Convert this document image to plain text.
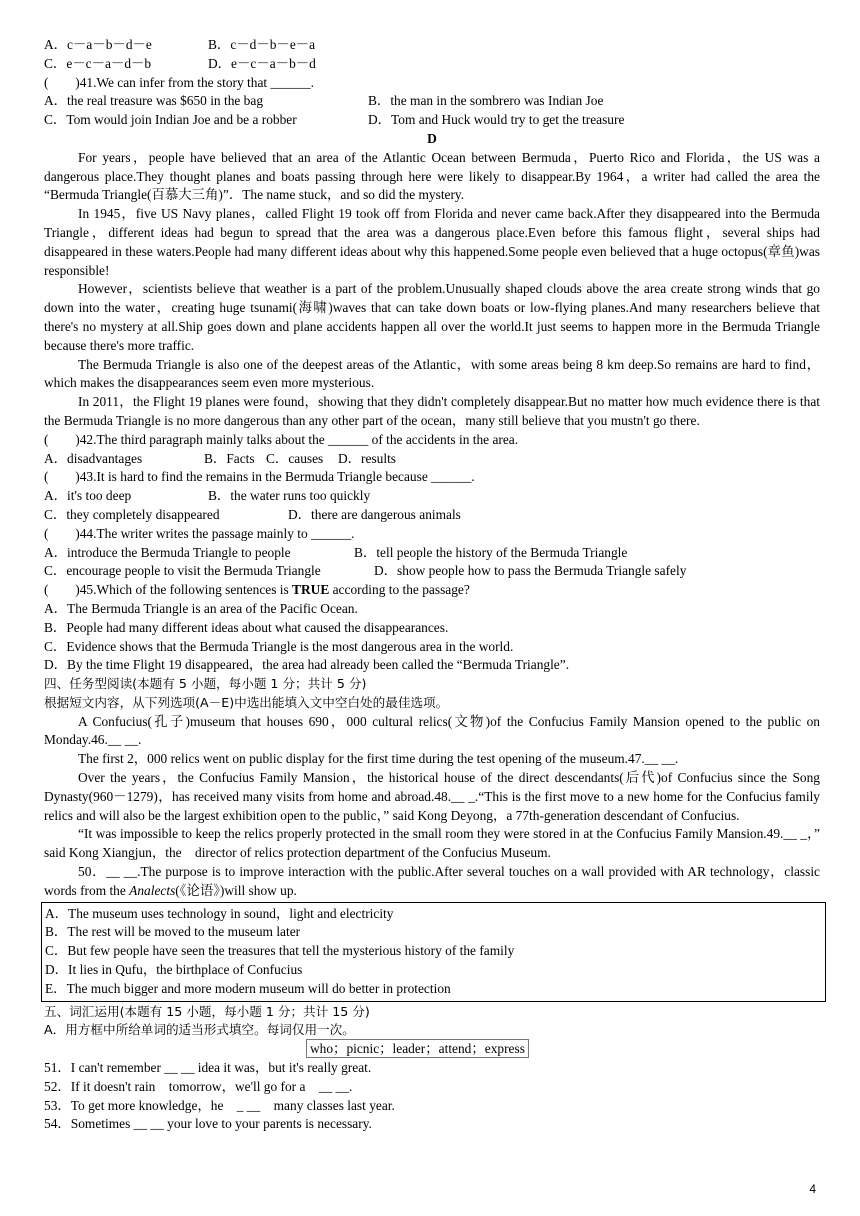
A．c－a－b－d－e	B．c－d－b－e－a
C．e－c－a－d－b	D．e－c－a－b－d
(　　)41.We can infer from the story that ______.
A．the real treasure was $650 in the bag	B．the man in the sombrero was Indian Joe
C．Tom would join Indian Joe and be a robber	D．Tom and Huck would try to get the treasure
D
For years，people have believed that an area of the Atlantic Ocean between Bermuda，Puerto Rico and Florida，the US was a dangerous place.They thought planes and boats passing through here were likely to disappear.By 1964，a writer had called the area the “Bermuda Triangle(百慕大三角)”．The name stuck，and so did the mystery.
In 1945，five US Navy planes，called Flight 19 took off from Florida and never came back.After they disappeared into the Bermuda Triangle，different ideas had begun to spread that the area was a dangerous place.Even before this famous flight，several ships had disappeared in these waters.People had many different ideas about why this happened.Some people even believed that a huge octopus(章鱼)was responsible!
However，scientists believe that weather is a part of the problem.Unusually shaped clouds above the area create strong winds that go down into the water，creating huge tsunami(海啸)waves that can take down boats or low-flying planes.And many researchers believe that there's no mystery at all.Ship goes down and plane accidents happen all over the world.It just seems to happen more in the Bermuda Triangle because there's more traffic.
The Bermuda Triangle is also one of the deepest areas of the Atlantic，with some areas being 8 km deep.So remains are hard to find，which makes the disappearances seem even more mysterious.
In 2011，the Flight 19 planes were found，showing that they didn't completely disappear.But no matter how much evidence there is that the Bermuda Triangle is no more dangerous than any other part of the ocean，many still believe that you mustn't go there.
(　　)42.The third paragraph mainly talks about the ______ of the accidents in the area.
A．disadvantages	B．Facts C．causes	D．results
(　　)43.It is hard to find the remains in the Bermuda Triangle because ______.
A．it's too deep	B．the water runs too quickly
C．they completely disappeared	D．there are dangerous animals
(　　)44.The writer writes the passage mainly to ______.
A．introduce the Bermuda Triangle to people	B．tell people the history of the Bermuda Triangle
C．encourage people to visit the Bermuda Triangle	D．show people how to pass the Bermuda Triangle safely
(　　)45.Which of the following sentences is TRUE according to the passage?
A．The Bermuda Triangle is an area of the Pacific Ocean.
B．People had many different ideas about what caused the disappearances.
C．Evidence shows that the Bermuda Triangle is the most dangerous area in the world.
D．By the time Flight 19 disappeared，the area had already been called the “Bermuda Triangle”.
四、任务型阅读(本题有 5 小题，每小题 1 分；共计 5 分)
根据短文内容，从下列选项(A－E)中选出能填入文中空白处的最佳选项。
A Confucius(孔子)museum that houses 690，000 cultural relics(文物)of the Confucius Family Mansion opened to the public on Monday.46.__ __.
The first 2，000 relics went on public display for the first time during the test opening of the museum.47.__ __.
Over the years，the Confucius Family Mansion，the historical house of the direct descendants(后代)of Confucius since the Song Dynasty(960－1279)，has received many visits from home and abroad.48.__ _.“This is the first move to a new home for the Confucius family relics and will also be the largest exhibition open to the public，” said Kong Deyong，a 77th-generation descendant of Confucius.
“It was impossible to keep the relics properly protected in the small room they were stored in at the Confucius Family Mansion.49.__ _，” said Kong Xiangjun，the　director of relics protection department of the Confucius Museum.
50．__ __.The purpose is to improve interaction with the public.After several touches on a wall provided with AR technology，classic words from the Analects(《论语》)will show up.
A．The museum uses technology in sound，light and electricity
B．The rest will be moved to the museum later
C．But few people have seen the treasures that tell the mysterious history of the family
D．It lies in Qufu，the birthplace of Confucius
E．The much bigger and more modern museum will do better in protection
五、词汇运用(本题有 15 小题，每小题 1 分；共计 15 分)
A．用方框中所给单词的适当形式填空。每词仅用一次。
who；picnic；leader；attend；express
51．I can't remember __ __ idea it was，but it's really great.
52．If it doesn't rain　tomorrow，we'll go for a　__ __.
53．To get more knowledge，he　_ __　many classes last year.
54．Sometimes __ __ your love to your parents is necessary.
4
